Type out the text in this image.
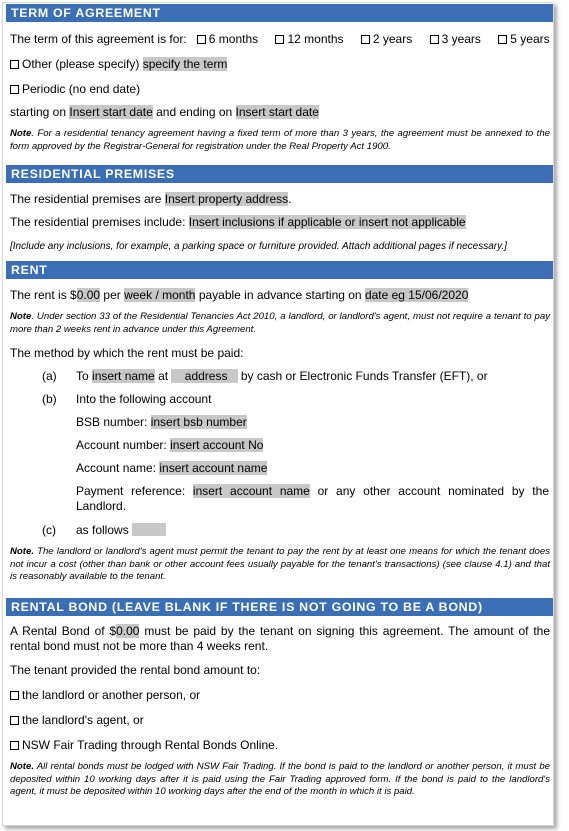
TERM OF AGREEMENT
The term of this agreement is for: 6 months 12 months 2 years 3 years 5 years
Other (please specify) specify the term
Periodic (no end date)
starting on Insert start date and ending on Insert start date
Note. For a residential tenancy agreement having a fixed term of more than 3 years, the agreement must be annexed to the form approved by the Registrar-General for registration under the Real Property Act 1900.
RESIDENTIAL PREMISES
The residential premises are Insert property address.
The residential premises include: Insert inclusions if applicable or insert not applicable
[Include any inclusions, for example, a parking space or furniture provided. Attach additional pages if necessary.]
RENT
The rent is $0.00 per week / month payable in advance starting on date eg 15/06/2020
Note. Under section 33 of the Residential Tenancies Act 2010, a landlord, or landlord's agent, must not require a tenant to pay more than 2 weeks rent in advance under this Agreement.
The method by which the rent must be paid:
(a) To insert name at address by cash or Electronic Funds Transfer (EFT), or
(b) Into the following account
BSB number: insert bsb number
Account number: insert account No
Account name: insert account name
Payment reference: insert account name or any other account nominated by the Landlord.
(c) as follows
Note. The landlord or landlord's agent must permit the tenant to pay the rent by at least one means for which the tenant does not incur a cost (other than bank or other account fees usually payable for the tenant's transactions) (see clause 4.1) and that is reasonably available to the tenant.
RENTAL BOND (LEAVE BLANK IF THERE IS NOT GOING TO BE A BOND)
A Rental Bond of $0.00 must be paid by the tenant on signing this agreement. The amount of the rental bond must not be more than 4 weeks rent.
The tenant provided the rental bond amount to:
the landlord or another person, or
the landlord's agent, or
NSW Fair Trading through Rental Bonds Online.
Note. All rental bonds must be lodged with NSW Fair Trading. If the bond is paid to the landlord or another person, it must be deposited within 10 working days after it is paid using the Fair Trading approved form. If the bond is paid to the landlord's agent, it must be deposited within 10 working days after the end of the month in which it is paid.
